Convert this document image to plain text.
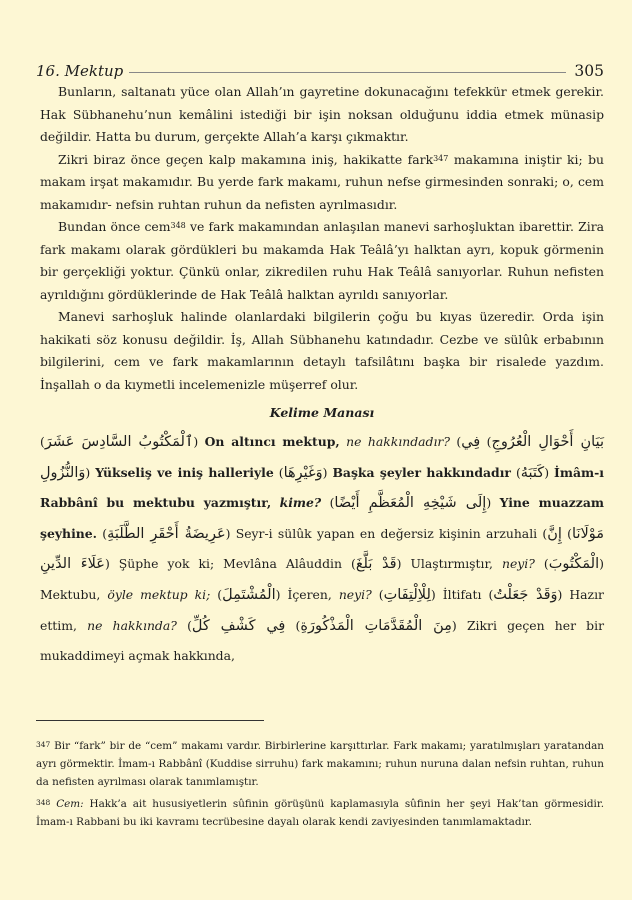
16. Mektup	305

Bunların, saltanatı yüce olan Allah’ın gayretine dokunacağını tefekkür etmek gerekir. Hak Sübhanehu’nun kemâlini istediği bir işin noksan olduğunu iddia etmek münasip değildir. Hatta bu durum, gerçekte Allah’a karşı çıkmaktır.

Zikri biraz önce geçen kalp makamına iniş, hakikatte fark$^{347}$ makamına iniştir ki; bu makam irşat makamıdır. Bu yerde fark makamı, ruhun nefse girmesinden sonraki; o, cem makamıdır- nefsin ruhtan ruhun da nefisten ayrılmasıdır.

Bundan önce cem$^{348}$ ve fark makamından anlaşılan manevi sarhoşluktan ibarettir. Zira fark makamı olarak gördükleri bu makamda Hak Teâlâ’yı halktan ayrı, kopuk görmenin bir gerçekliği yoktur. Çünkü onlar, zikredilen ruhu Hak Teâlâ sanıyorlar. Ruhun nefisten ayrıldığını gördüklerinde de Hak Teâlâ halktan ayrıldı sanıyorlar.

Manevi sarhoşluk halinde olanlardaki bilgilerin çoğu bu kıyas üzeredir. Orda işin hakikati söz konusu değildir. İş, Allah Sübhanehu katındadır. Cezbe ve sülûk erbabının bilgilerini, cem ve fark makamlarının detaylı tafsilâtını başka bir risalede yazdım. İnşallah o da kıymetli incelemenizle müşerref olur.

Kelime Manası

(ٱلْمَكْتُوبُ السَّادِسَ عَشَرَ) On altıncı mektup, ne hakkındadır? (فِي (بَيَانِ أَحْوَالِ الْعُرُوجِ وَالنُّزُولِ) Yükseliş ve iniş halleriyle (وَغَيْرِهَا) Başka şeyler hakkındadır (كَتَبَهُ) İmâm-ı Rabbânî bu mektubu yazmıştır, kime? (إِلَى شَيْخِهِ الْمُعَظَّمِ أَيْضًا) Yine muazzam şeyhine. (عَرِيضَةُ أَحْقَرِ الطَّلَبَةِ) Seyr-i sülûk yapan en değersiz kişinin arzuhali (إِنَّ (مَوْلَانَا عَلَاءَ الدِّينِ) Şüphe yok ki; Mevlâna Alâuddin (قَدْ بَلَّغَ) Ulaştırmıştır, neyi? (الْمَكْتُوبَ) Mektubu, öyle mektup ki; (الْمُشْتَمِلَ) İçeren, neyi? (لِلْاِلْتِفَاتِ) İltifatı (وَقَدْ جَعَلْتُ) Hazır ettim, ne hakkında? (فِي كَشْفِ كُلِّ (مِنَ الْمُقَدَّمَاتِ الْمَذْكُورَةِ) Zikri geçen her bir mukaddimeyi açmak hakkında,

$^{347}$ Bir “fark” bir de “cem” makamı vardır. Birbirlerine karşıttırlar. Fark makamı; yaratılmışları yaratandan ayrı görmektir. İmam-ı Rabbânî (Kuddise sirruhu) fark makamını; ruhun nuruna dalan nefsin ruhtan, ruhun da nefisten ayrılması olarak tanımlamıştır.

$^{348}$ Cem: Hakk’a ait hususiyetlerin sûfinin görüşünü kaplamasıyla sûfinin her şeyi Hak’tan görmesidir. İmam-ı Rabbani bu iki kavramı tecrübesine dayalı olarak kendi zaviyesinden tanımlamaktadır.
